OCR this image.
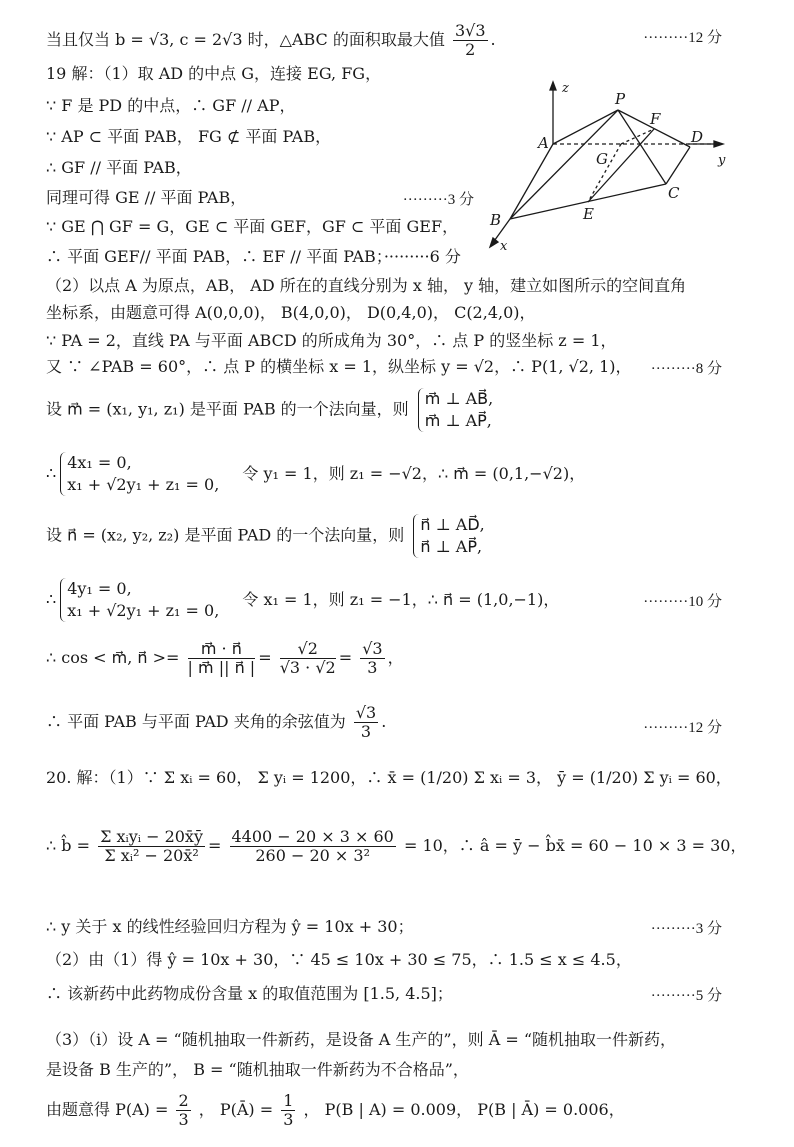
当且仅当 b = √3, c = 2√3 时，△ABC 的面积取最大值 $\frac{3√3}{2}$ .	·········12 分
19 解：（1）取 AD 的中点 G，连接 EG, FG，
∵ F 是 PD 的中点，∴ GF // AP，
∵ AP ⊂ 平面 PAB， FG ⊄ 平面 PAB，
∴ GF // 平面 PAB，
同理可得 GE // 平面 PAB，	·········3 分
∵ GE ⋂ GF = G，GE ⊂ 平面 GEF，GF ⊂ 平面 GEF，
∴ 平面 GEF// 平面 PAB，∴ EF // 平面 PAB；·········6 分
P
F
D
A
G
C
B	E
x
y
z
（2）以点 A 为原点，AB， AD 所在的直线分别为 x 轴， y 轴，建立如图所示的空间直角
坐标系，由题意可得 A(0,0,0)， B(4,0,0)， D(0,4,0)， C(2,4,0)，
∵ PA = 2，直线 PA 与平面 ABCD 的所成角为 30°，∴ 点 P 的竖坐标 z = 1，
又 ∵ ∠PAB = 60°，∴ 点 P 的横坐标 x = 1，纵坐标 y = √2，∴ P(1, √2, 1)， ·········8 分
设 m⃗ = (x₁, y₁, z₁) 是平面 PAB 的一个法向量，则
m⃗ ⊥ AB⃗,
m⃗ ⊥ AP⃗,
∴
4x₁ = 0,
x₁ + √2y₁ + z₁ = 0,
令 y₁ = 1，则 z₁ = −√2，∴ m⃗ = (0,1,−√2)，
设 n⃗ = (x₂, y₂, z₂) 是平面 PAD 的一个法向量，则
n⃗ ⊥ AD⃗,
n⃗ ⊥ AP⃗,
∴
4y₁ = 0,
x₁ + √2y₁ + z₁ = 0,
令 x₁ = 1，则 z₁ = −1，∴ n⃗ = (1,0,−1)，	·········10 分
∴ cos < m⃗, n⃗ >= $\frac{m⃗ \cdot n⃗}{| m⃗ || n⃗ |} = \frac{√2}{√3 \cdot √2} = \frac{√3}{3}$ ，
∴ 平面 PAB 与平面 PAD 夹角的余弦值为 $\frac{√3}{3}$ .	·········12 分
20. 解：（1）∵ Σ xᵢ = 60， Σ yᵢ = 1200，∴ x̄ = (1/20) Σ xᵢ = 3， ȳ = (1/20) Σ yᵢ = 60，
∴ b̂ = Σ xᵢyᵢ − 20x̄ȳ
Σ xᵢ² − 20x̄²
= $\frac{4400 - 20 \times 3 \times 60}{\text{260 − 20 × 3²}} = 10$，∴ â = ȳ − b̂x̄ = 60 − 10 × 3 = 30，
∴ y 关于 x 的线性经验回归方程为 ŷ = 10x + 30；	·········3 分
（2）由（1）得 ŷ = 10x + 30，∵ 45 ≤ 10x + 30 ≤ 75，∴ 1.5 ≤ x ≤ 4.5，
∴ 该新药中此药物成份含量 x 的取值范围为 [1.5, 4.5]；	·········5 分
（3）（i）设 A = “随机抽取一件新药，是设备 A 生产的”，则 Ā = “随机抽取一件新药，
是设备 B 生产的”， B = “随机抽取一件新药为不合格品”，
由题意得 $P(A) = \frac{2}{3}$ ， P(Ā) = $\frac{1}{3}$ ， P(B | A) = 0.009， P(B | Ā) = 0.006，
